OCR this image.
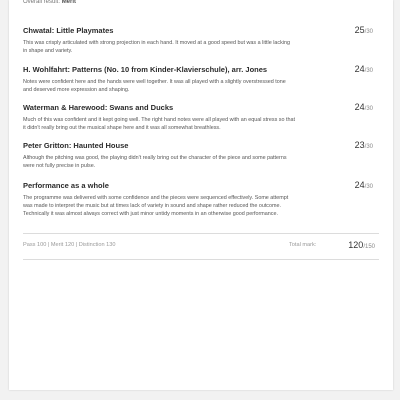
Overall result: Merit
Chwatal: Little Playmates	25/30
This was crisply articulated with strong projection in each hand. It moved at a good speed but was a little lacking in shape and variety.
H. Wohlfahrt: Patterns (No. 10 from Kinder-Klavierschule), arr. Jones	24/30
Notes were confident here and the hands were well together. It was all played with a slightly overstressed tone and deserved more expression and shaping.
Waterman & Harewood: Swans and Ducks	24/30
Much of this was confident and it kept going well. The right hand notes were all played with an equal stress so that it didn't really bring out the musical shape here and it was all somewhat breathless.
Peter Gritton: Haunted House	23/30
Although the pitching was good, the playing didn't really bring out the character of the piece and some patterns were not fully precise in pulse.
Performance as a whole	24/30
The programme was delivered with some confidence and the pieces were sequenced effectively. Some attempt was made to interpret the music but at times lack of variety in sound and shape rather reduced the outcome. Technically it was almost always correct with just minor untidy moments in an otherwise good performance.
Pass 100 | Merit 120 | Distinction 130	Total mark:	120/150
